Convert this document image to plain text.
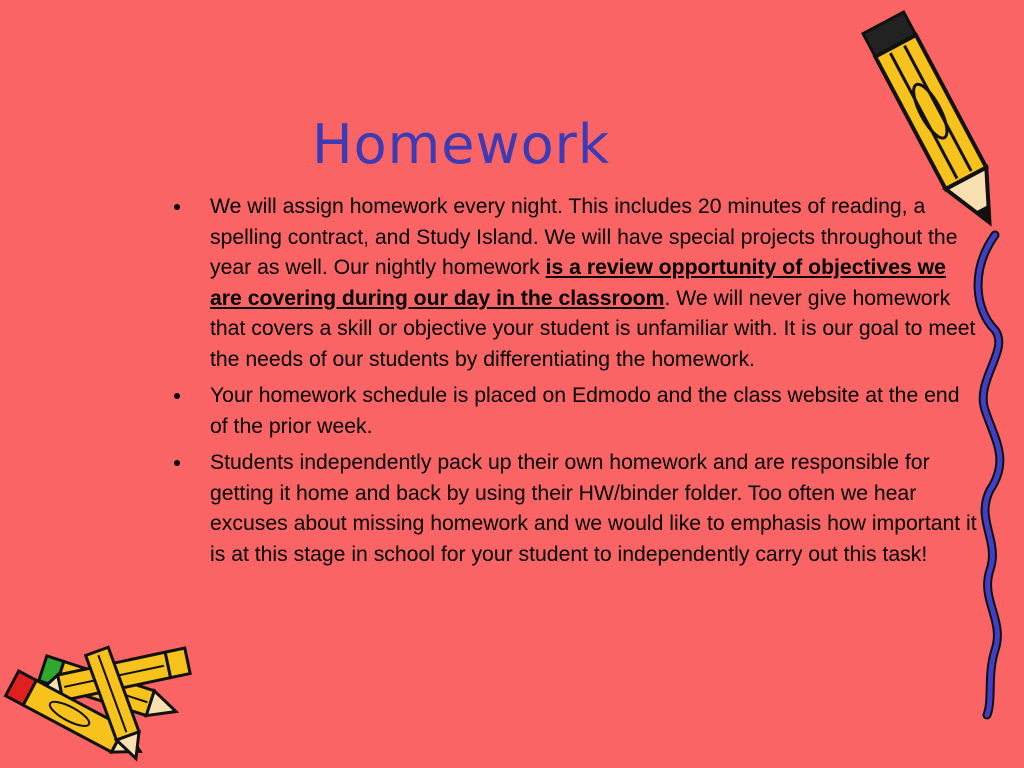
Homework
We will assign homework every night. This includes 20 minutes of reading, a spelling contract, and Study Island. We will have special projects throughout the year as well. Our nightly homework is a review opportunity of objectives we are covering during our day in the classroom. We will never give homework that covers a skill or objective your student is unfamiliar with. It is our goal to meet the needs of our students by differentiating the homework.
Your homework schedule is placed on Edmodo and the class website at the end of the prior week.
Students independently pack up their own homework and are responsible for getting it home and back by using their HW/binder folder. Too often we hear excuses about missing homework and we would like to emphasis how important it is at this stage in school for your student to independently carry out this task!
